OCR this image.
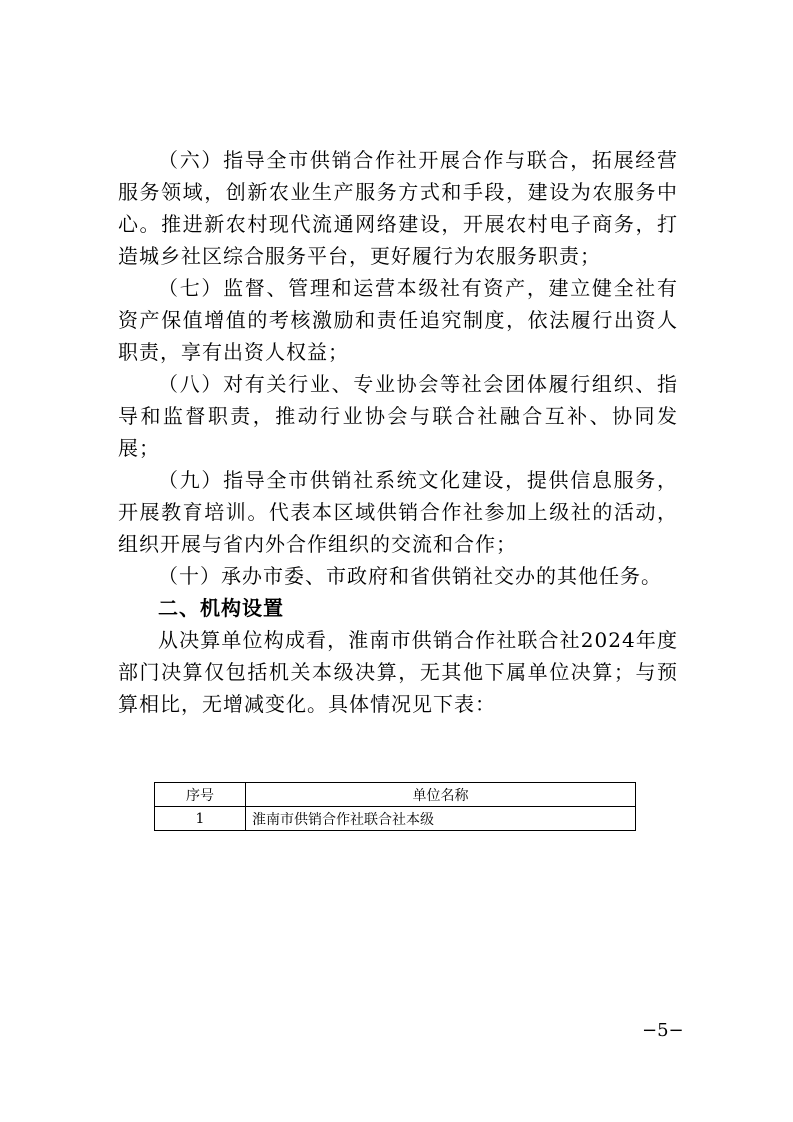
（六）指导全市供销合作社开展合作与联合，拓展经营服务领域，创新农业生产服务方式和手段，建设为农服务中心。推进新农村现代流通网络建设，开展农村电子商务，打造城乡社区综合服务平台，更好履行为农服务职责；

（七）监督、管理和运营本级社有资产，建立健全社有资产保值增值的考核激励和责任追究制度，依法履行出资人职责，享有出资人权益；

（八）对有关行业、专业协会等社会团体履行组织、指导和监督职责，推动行业协会与联合社融合互补、协同发展；

（九）指导全市供销社系统文化建设，提供信息服务，开展教育培训。代表本区域供销合作社参加上级社的活动，组织开展与省内外合作组织的交流和合作；

（十）承办市委、市政府和省供销社交办的其他任务。

二、机构设置

从决算单位构成看，淮南市供销合作社联合社2024年度部门决算仅包括机关本级决算，无其他下属单位决算；与预算相比，无增减变化。具体情况见下表：

序号	单位名称
1	淮南市供销合作社联合社本级
−5−
